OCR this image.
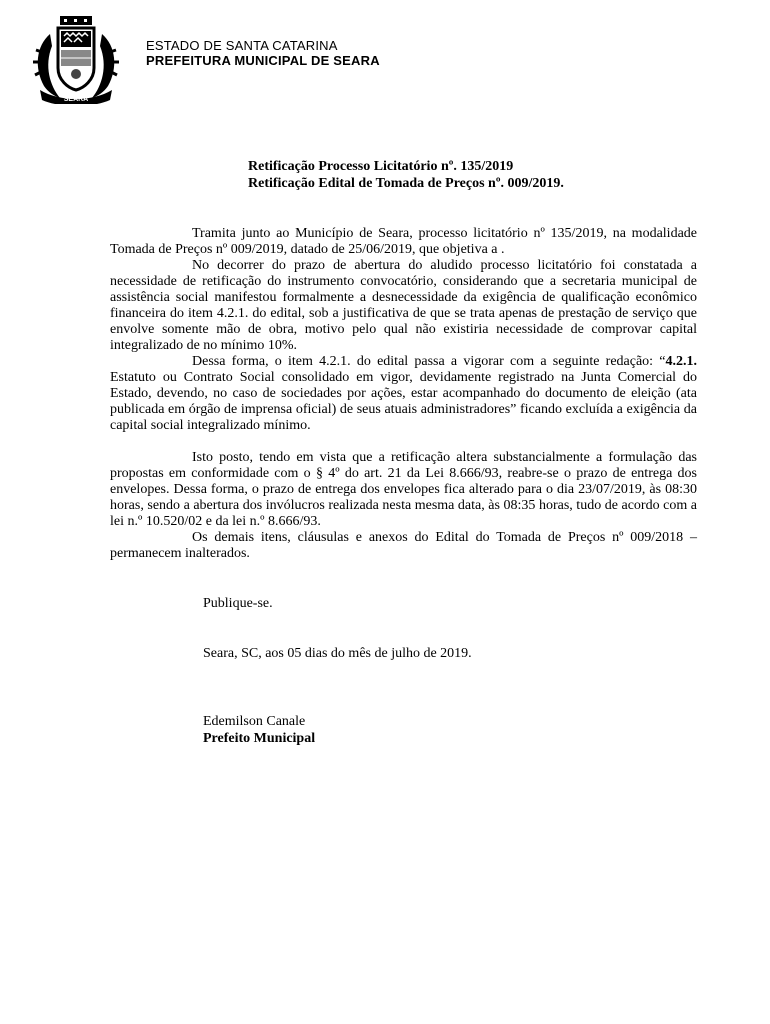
SEARA
ESTADO DE SANTA CATARINA
PREFEITURA MUNICIPAL DE SEARA
Retificação Processo Licitatório nº. 135/2019
Retificação Edital de Tomada de Preços nº. 009/2019.

Tramita junto ao Município de Seara, processo licitatório nº 135/2019, na modalidade Tomada de Preços nº 009/2019, datado de 25/06/2019, que objetiva a .

No decorrer do prazo de abertura do aludido processo licitatório foi constatada a necessidade de retificação do instrumento convocatório, considerando que a secretaria municipal de assistência social manifestou formalmente a desnecessidade da exigência de qualificação econômico financeira do item 4.2.1. do edital, sob a justificativa de que se trata apenas de prestação de serviço que envolve somente mão de obra, motivo pelo qual não existiria necessidade de comprovar capital integralizado de no mínimo 10%.

Dessa forma, o item 4.2.1. do edital passa a vigorar com a seguinte redação: “4.2.1. Estatuto ou Contrato Social consolidado em vigor, devidamente registrado na Junta Comercial do Estado, devendo, no caso de sociedades por ações, estar acompanhado do documento de eleição (ata publicada em órgão de imprensa oficial) de seus atuais administradores” ficando excluída a exigência da capital social integralizado mínimo.

Isto posto, tendo em vista que a retificação altera substancialmente a formulação das propostas em conformidade com o § 4º do art. 21 da Lei 8.666/93, reabre-se o prazo de entrega dos envelopes. Dessa forma, o prazo de entrega dos envelopes fica alterado para o dia 23/07/2019, às 08:30 horas, sendo a abertura dos invólucros realizada nesta mesma data, às 08:35 horas, tudo de acordo com a lei n.º 10.520/02 e da lei n.º 8.666/93.

Os demais itens, cláusulas e anexos do Edital do Tomada de Preços nº 009/2018 – permanecem inalterados.

Publique-se.
Seara, SC, aos 05 dias do mês de julho de 2019.
Edemilson Canale
Prefeito Municipal
